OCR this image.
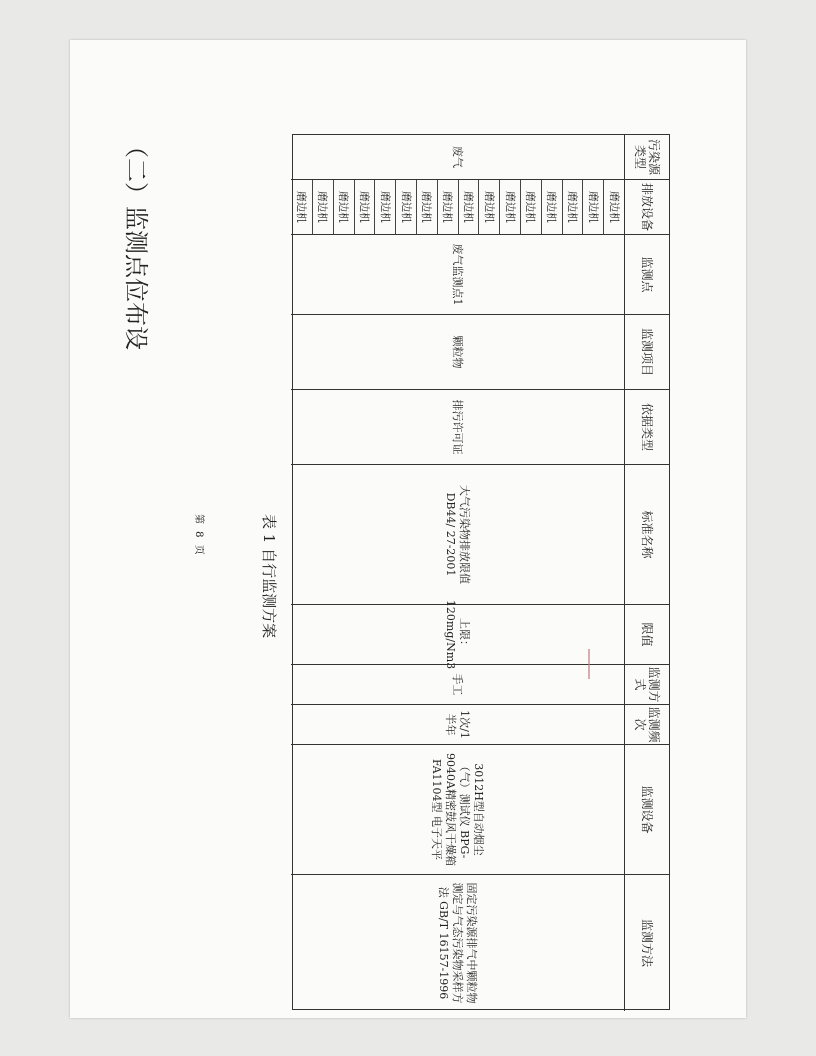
（二）监测点位布设
表 1 自行监测方案
第 8 页
污染源类型
排放设备
监测点
监测项目
依据类型
标准名称
限值
监测方式
监测频次
监测设备
监测方法
废气
磨边机
磨边机
磨边机
磨边机
磨边机
磨边机
磨边机
磨边机
磨边机
磨边机
磨边机
磨边机
磨边机
磨边机
磨边机
磨边机
废气监测点1
颗粒物
排污许可证
大气污染物排放限值 DB44/ 27-2001
上限：120mg/Nm3
手工
1次/1半年
3012H型自动烟尘（气）测试仪 BPG-9040A精密鼓风干燥箱 FA1104型 电子天平
固定污染源排气中颗粒物测定与气态污染物采样方法 GB/T 16157-1996
